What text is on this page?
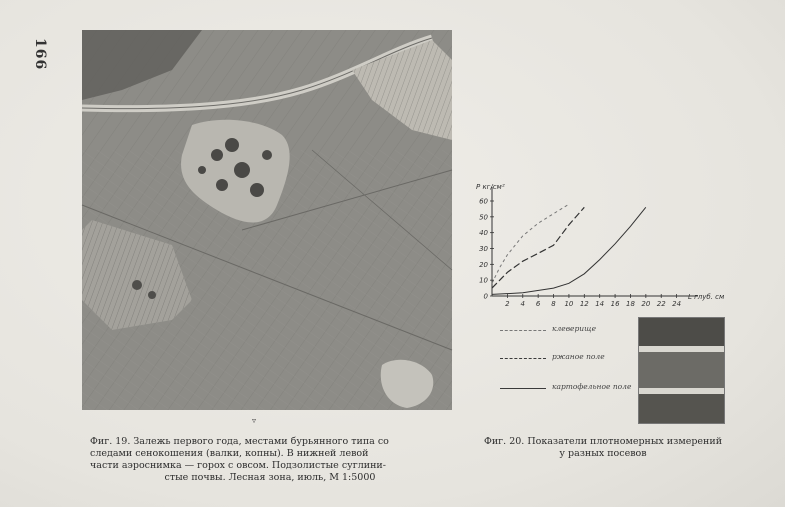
166
▿
Фиг. 19. Залежь первого года, местами бурьянного типа со
следами сенокошения (валки, копны). В нижней левой
части аэроснимка — горох с овсом. Подзолистые суглини-
стые почвы. Лесная зона, июль, М 1:5000
P кг/см²
L глуб. см
0
10
20
30
40
50
60
2 4 6 8 10 12 14 16 18 20 22 24
клеверище
ржаное поле
картофельное поле
Фиг. 20. Показатели плотномерных измерений
у разных посевов
